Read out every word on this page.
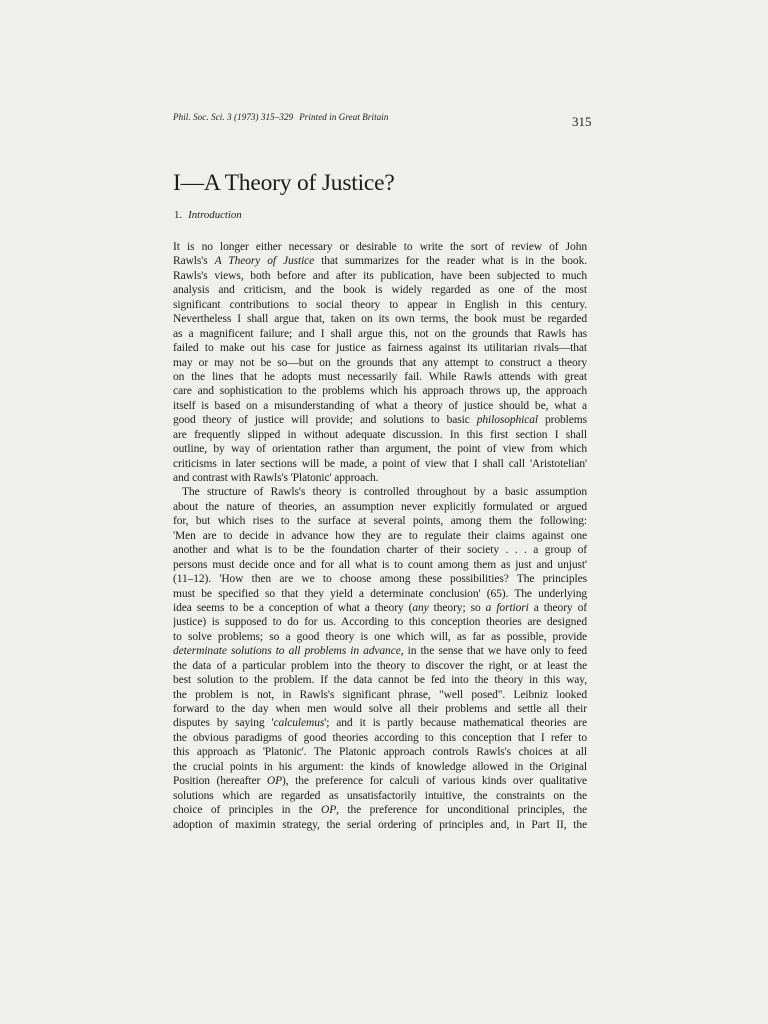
Phil. Soc. Sci. 3 (1973) 315–329 Printed in Great Britain	315
I—A Theory of Justice?
1. Introduction
It is no longer either necessary or desirable to write the sort of review of John
Rawls's A Theory of Justice that summarizes for the reader what is in the book.
Rawls's views, both before and after its publication, have been subjected to much
analysis and criticism, and the book is widely regarded as one of the most
significant contributions to social theory to appear in English in this century.
Nevertheless I shall argue that, taken on its own terms, the book must be regarded
as a magnificent failure; and I shall argue this, not on the grounds that Rawls has
failed to make out his case for justice as fairness against its utilitarian rivals—that
may or may not be so—but on the grounds that any attempt to construct a theory
on the lines that he adopts must necessarily fail. While Rawls attends with great
care and sophistication to the problems which his approach throws up, the approach
itself is based on a misunderstanding of what a theory of justice should be, what a
good theory of justice will provide; and solutions to basic philosophical problems
are frequently slipped in without adequate discussion. In this first section I shall
outline, by way of orientation rather than argument, the point of view from which
criticisms in later sections will be made, a point of view that I shall call 'Aristotelian'
and contrast with Rawls's 'Platonic' approach.
The structure of Rawls's theory is controlled throughout by a basic assumption
about the nature of theories, an assumption never explicitly formulated or argued
for, but which rises to the surface at several points, among them the following:
'Men are to decide in advance how they are to regulate their claims against one
another and what is to be the foundation charter of their society . . . a group of
persons must decide once and for all what is to count among them as just and unjust'
(11–12). 'How then are we to choose among these possibilities? The principles
must be specified so that they yield a determinate conclusion' (65). The underlying
idea seems to be a conception of what a theory (any theory; so a fortiori a theory of
justice) is supposed to do for us. According to this conception theories are designed
to solve problems; so a good theory is one which will, as far as possible, provide
determinate solutions to all problems in advance, in the sense that we have only to feed
the data of a particular problem into the theory to discover the right, or at least the
best solution to the problem. If the data cannot be fed into the theory in this way,
the problem is not, in Rawls's significant phrase, "well posed". Leibniz looked
forward to the day when men would solve all their problems and settle all their
disputes by saying 'calculemus'; and it is partly because mathematical theories are
the obvious paradigms of good theories according to this conception that I refer to
this approach as 'Platonic'. The Platonic approach controls Rawls's choices at all
the crucial points in his argument: the kinds of knowledge allowed in the Original
Position (hereafter OP), the preference for calculi of various kinds over qualitative
solutions which are regarded as unsatisfactorily intuitive, the constraints on the
choice of principles in the OP, the preference for unconditional principles, the
adoption of maximin strategy, the serial ordering of principles and, in Part II, the
